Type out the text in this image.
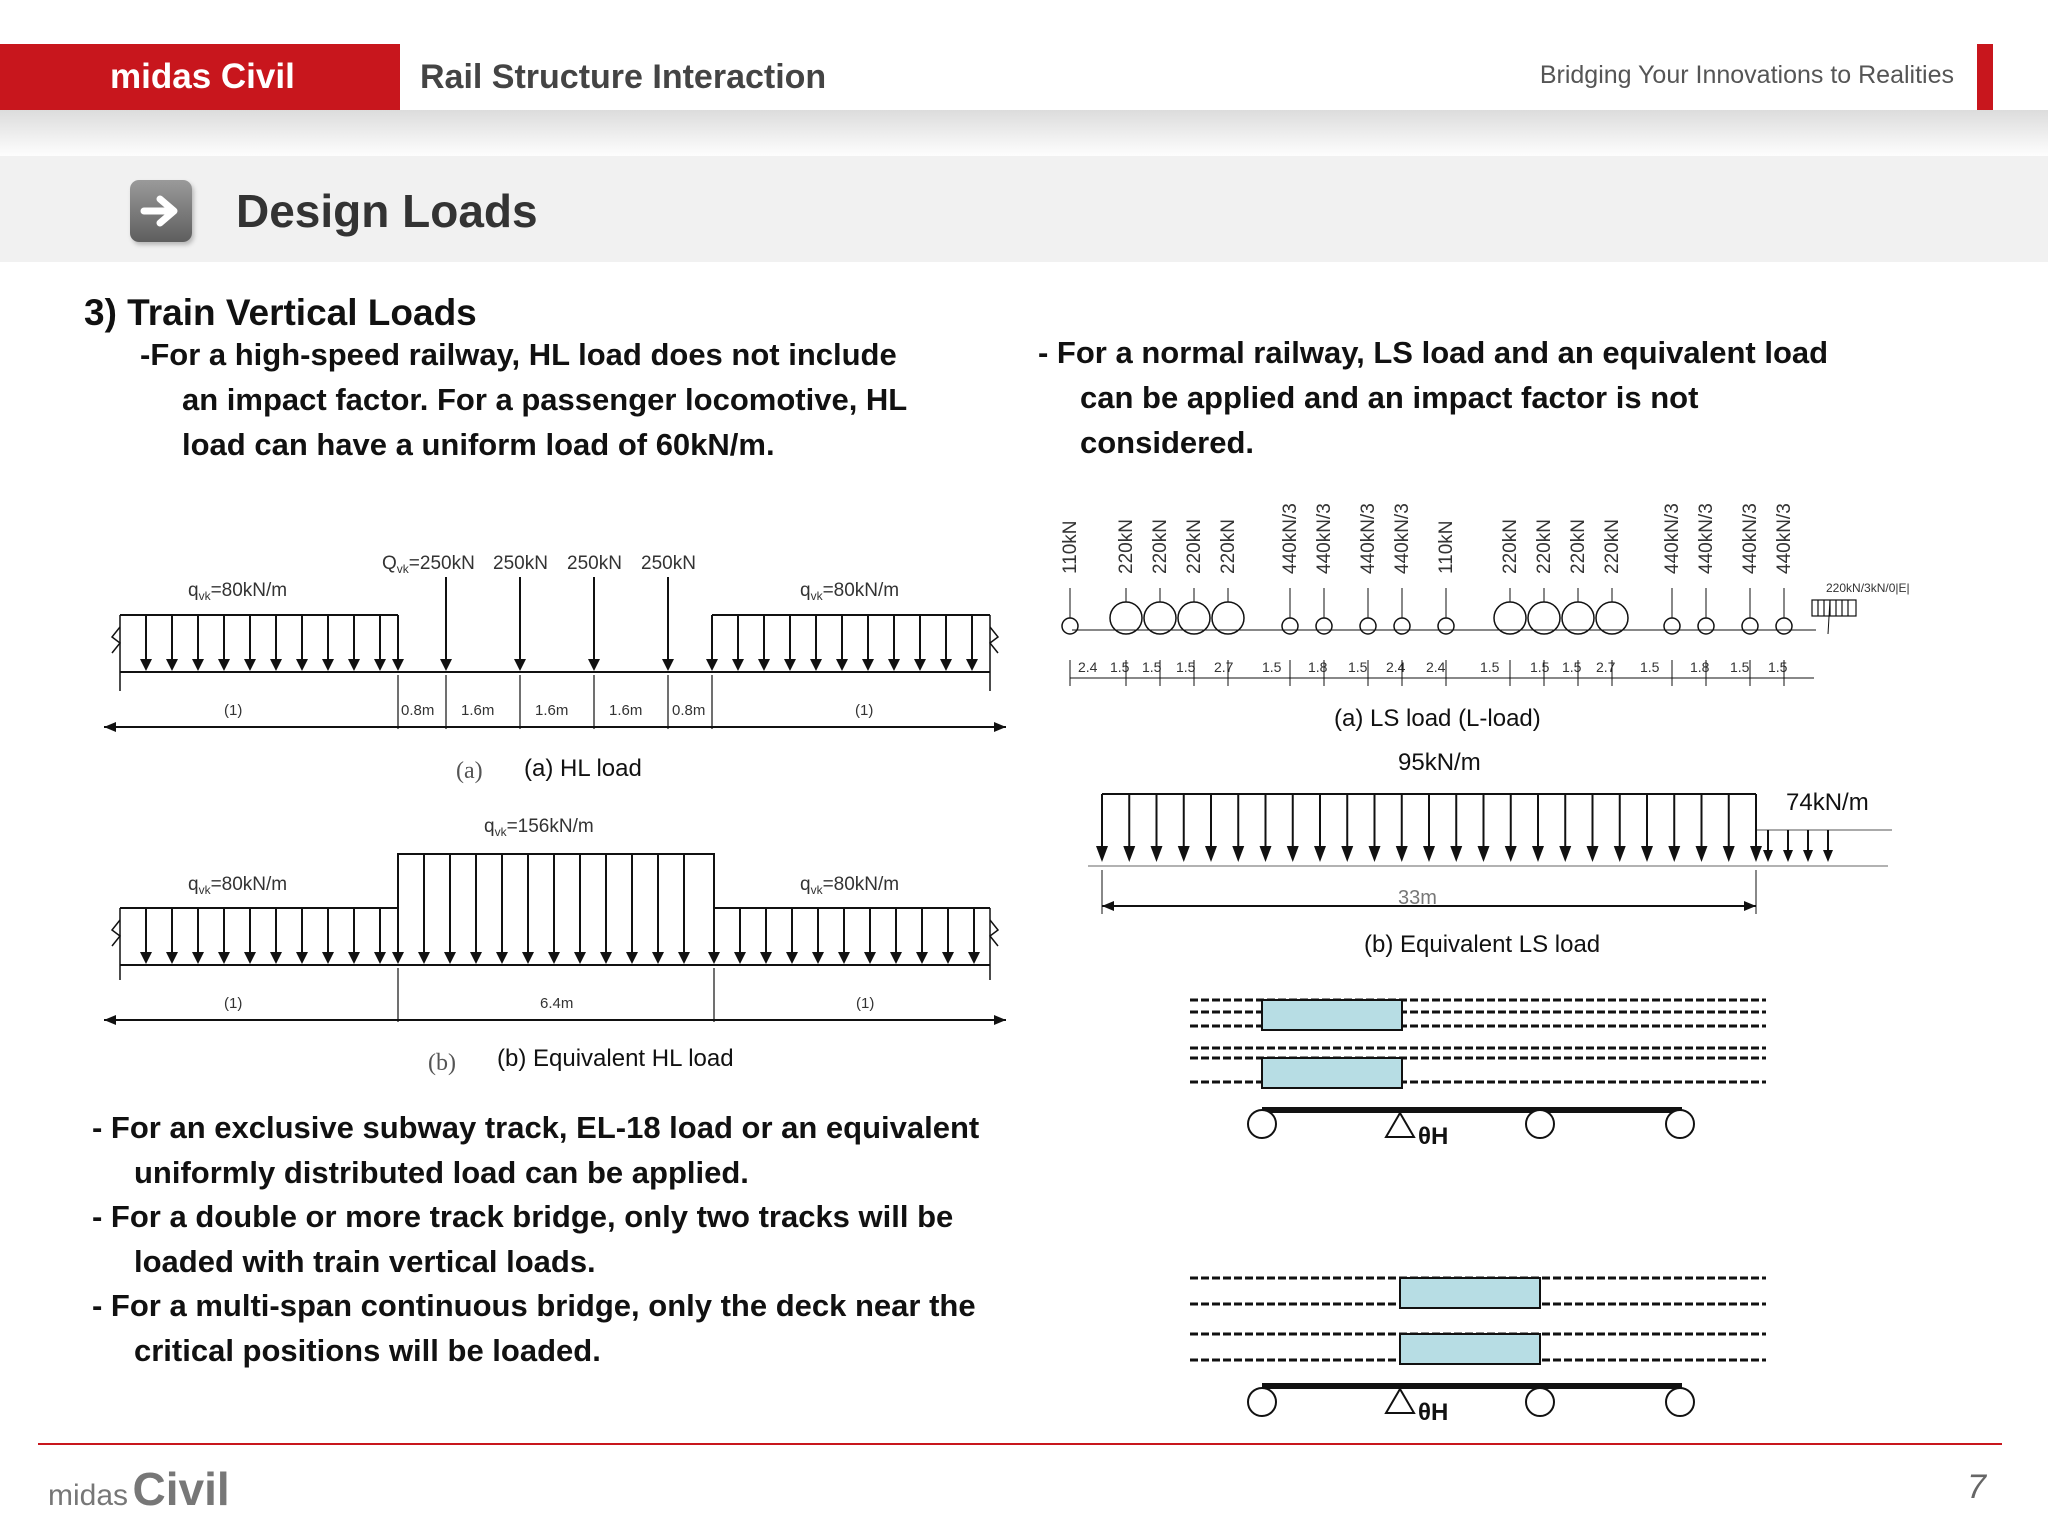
midas Civil	Rail Structure Interaction	Bridging Your Innovations to Realities
Design Loads
3) Train Vertical Loads

-For a high-speed railway, HL load does not include

an impact factor. For a passenger locomotive, HL

load can have a uniform load of 60kN/m.

$q_{vk}=80kN/m$
$Q_{vk}=250kN$ 250kN 250kN 250kN
$q_{vk}=80kN/m$
(1)	0.8m 1.6m	1.6m	1.6m 0.8m	(1)
(a) (a) HL load
$q_{vk}=156kN/m$
$q_{vk}=80kN/m$	$q_{vk}=80kN/m$
(1)	6.4m	(1)
(b) (b) Equivalent HL load

- For an exclusive subway track, EL-18 load or an equivalent

uniformly distributed load can be applied.

- For a double or more track bridge, only two tracks will be

loaded with train vertical loads.

- For a multi-span continuous bridge, only the deck near the

critical positions will be loaded.

- For a normal railway, LS load and an equivalent load

can be applied and an impact factor is not

considered.

110kN 220kN 220kN 220kN 220kN 440kN/3 440kN/3 440kN/3 440kN/3 110kN 220kN 220kN 220kN 220kN 440kN/3 440kN/3 440kN/3 440kN/3
220kN/3kN/0|E|
2.4 1.5 1.5 1.5 2.7 1.5 1.8 1.5 2.4 2.4 1.5 1.5 1.5 2.7 1.5 1.8 1.5 1.5
(a) LS load (L-load)
95kN/m
74kN/m
33m
(b) Equivalent LS load
θH
θH
midas Civil	7
